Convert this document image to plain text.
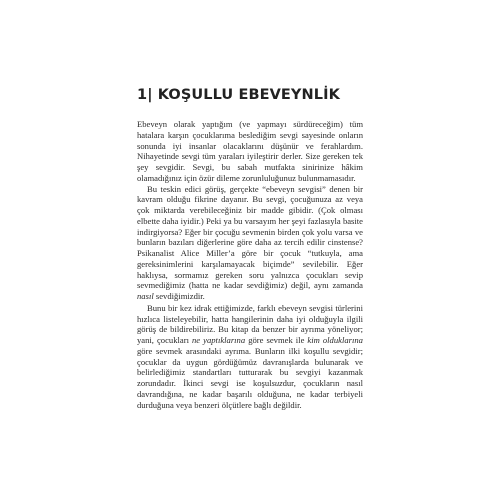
1| KOŞULLU EBEVEYNLİK

Ebeveyn olarak yaptığım (ve yapmayı sürdüreceğim) tüm hatalara karşın çocuklarıma beslediğim sevgi sayesinde onların sonunda iyi insanlar olacaklarını düşünür ve ferahlardım. Nihayetinde sevgi tüm yaraları iyileştirir derler. Size gereken tek şey sevgidir. Sevgi, bu sabah mutfakta sinirinize hâkim olamadığınız için özür dileme zorunluluğunuz bulunmamasıdır.

Bu teskin edici görüş, gerçekte “ebeveyn sevgisi” denen bir kavram olduğu fikrine dayanır. Bu sevgi, çocuğunuza az veya çok miktarda verebileceğiniz bir madde gibidir. (Çok olması elbette daha iyidir.) Peki ya bu varsayım her şeyi fazlasıyla basite indirgiyorsa? Eğer bir çocuğu sevmenin birden çok yolu varsa ve bunların bazıları diğerlerine göre daha az tercih edilir cinstense? Psikanalist Alice Miller’a göre bir çocuk “tutkuyla, ama gereksinimlerini karşılamayacak biçimde” sevilebilir. Eğer haklıysa, sormamız gereken soru yalnızca çocukları sevip sevmediğimiz (hatta ne kadar sevdiğimiz) değil, aynı zamanda nasıl sevdiğimizdir.

Bunu bir kez idrak ettiğimizde, farklı ebeveyn sevgisi türlerini hızlıca listeleyebilir, hatta hangilerinin daha iyi olduğuyla ilgili görüş de bildirebiliriz. Bu kitap da benzer bir ayrıma yöneliyor; yani, çocukları ne yaptıklarına göre sevmek ile kim olduklarına göre sevmek arasındaki ayrıma. Bunların ilki koşullu sevgidir; çocuklar da uygun gördüğümüz davranışlarda bulunarak ve belirlediğimiz standartları tutturarak bu sevgiyi kazanmak zorundadır. İkinci sevgi ise koşulsuzdur, çocukların nasıl davrandığına, ne kadar başarılı olduğuna, ne kadar terbiyeli durduğuna veya benzeri ölçütlere bağlı değildir.
